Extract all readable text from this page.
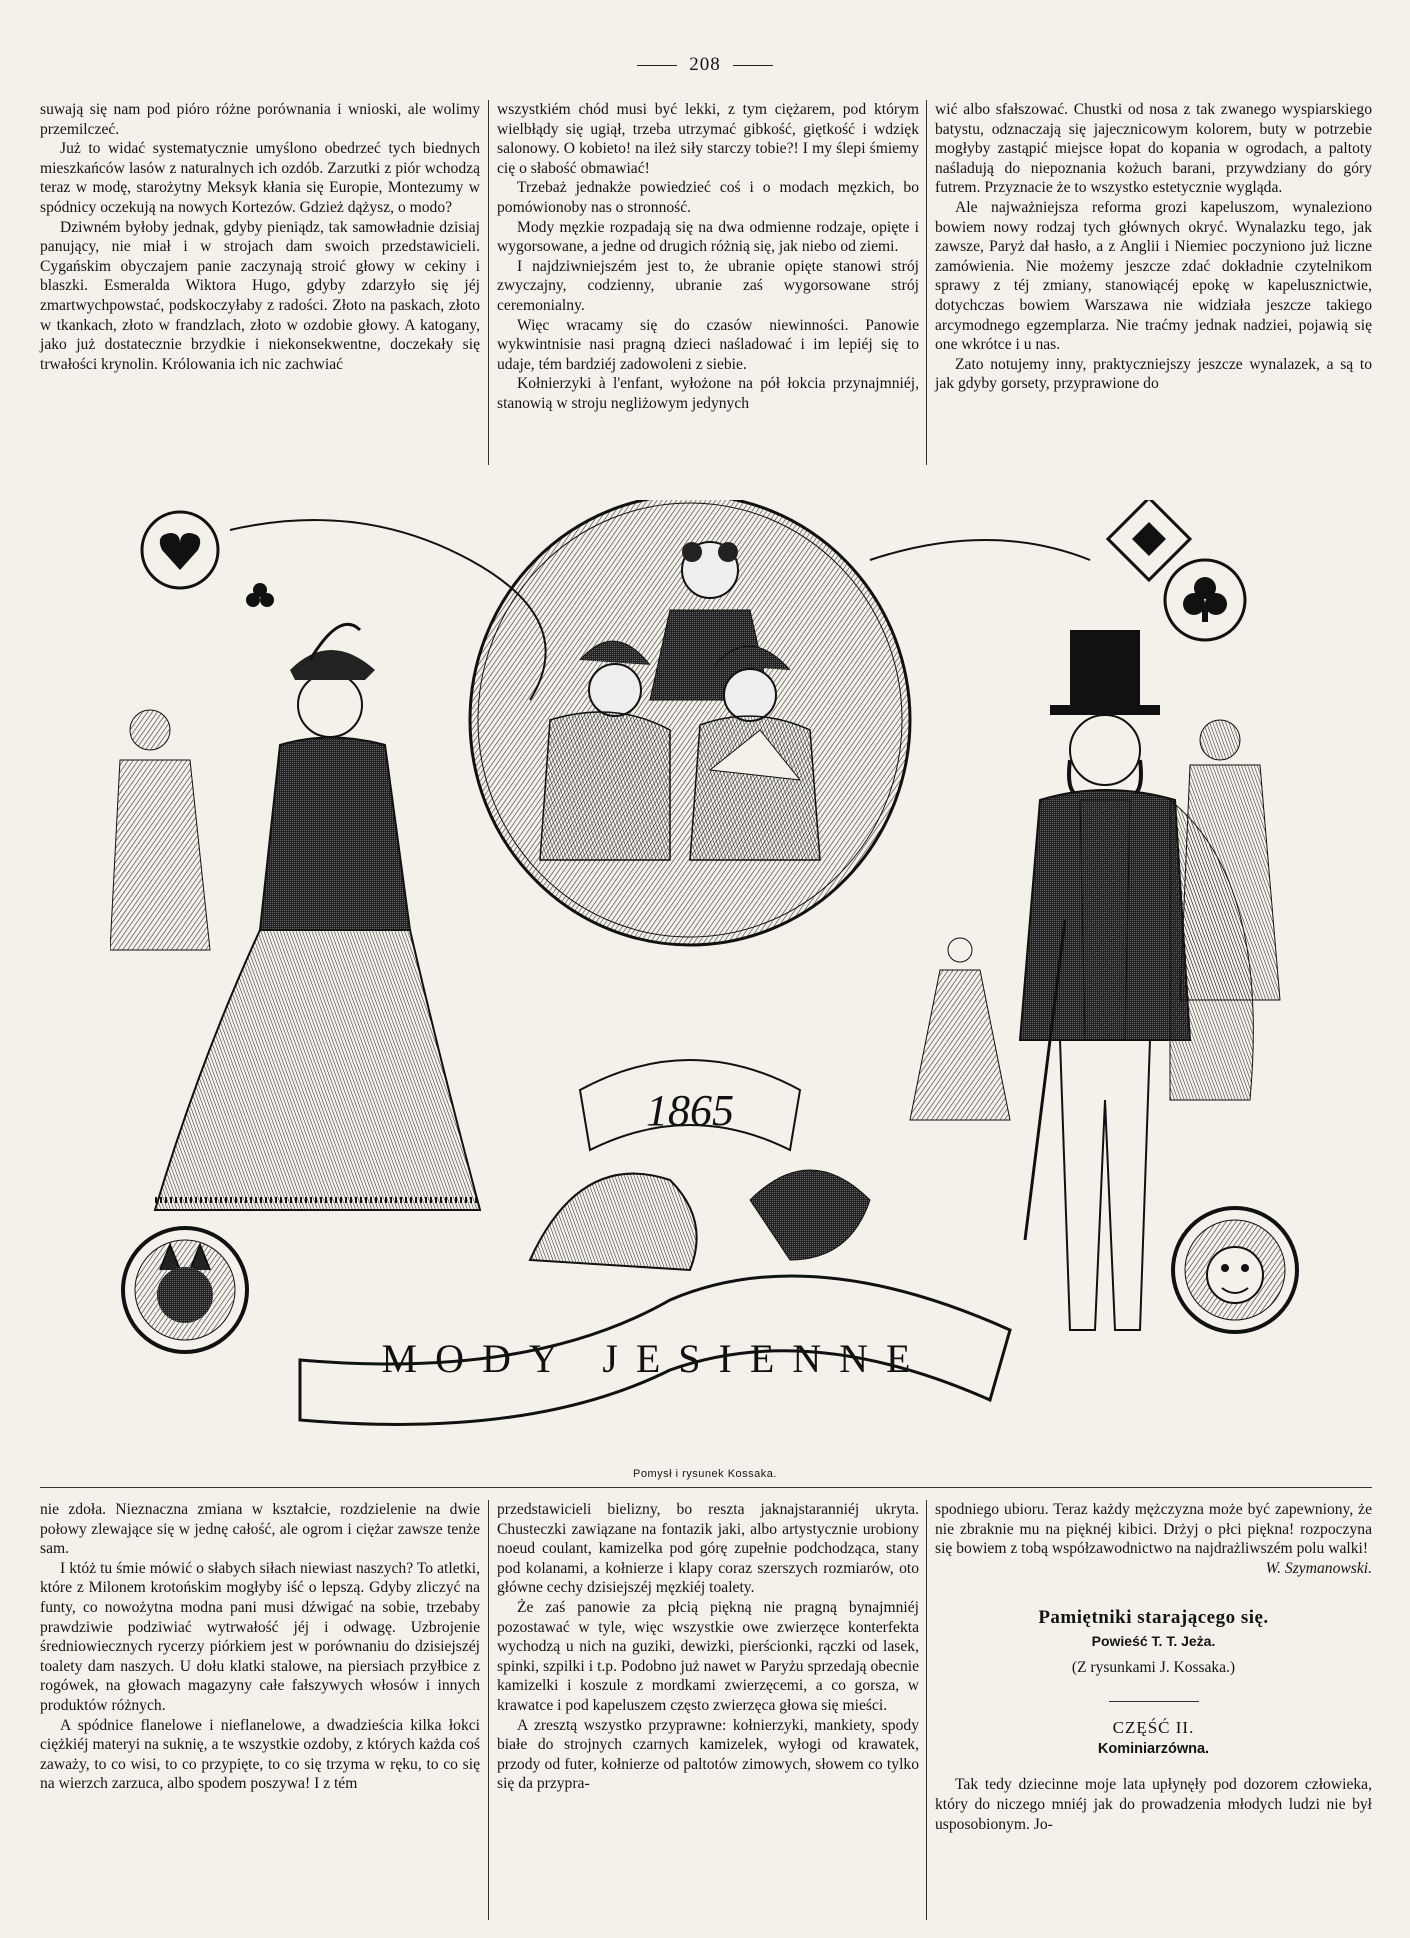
208

suwają się nam pod pióro różne porównania i wnioski, ale wolimy przemilczeć.

Już to widać systematycznie umyślono obedrzeć tych biednych mieszkańców lasów z naturalnych ich ozdób. Zarzutki z piór wchodzą teraz w modę, starożytny Meksyk kłania się Europie, Montezumy w spódnicy oczekują na nowych Kortezów. Gdzież dążysz, o modo?

Dziwném byłoby jednak, gdyby pieniądz, tak samowładnie dzisiaj panujący, nie miał i w strojach dam swoich przedstawicieli. Cygańskim obyczajem panie zaczynają stroić głowy w cekiny i blaszki. Esmeralda Wiktora Hugo, gdyby zdarzyło się jéj zmartwychpowstać, podskoczyłaby z radości. Złoto na paskach, złoto w tkankach, złoto w frandzlach, złoto w ozdobie głowy. A katogany, jako już dostatecznie brzydkie i niekonsekwentne, doczekały się trwałości krynolin. Królowania ich nic zachwiać

wszystkiém chód musi być lekki, z tym ciężarem, pod którym wielbłądy się ugiął, trzeba utrzymać gibkość, giętkość i wdzięk salonowy. O kobieto! na ileż siły starczy tobie?! I my ślepi śmiemy cię o słabość obmawiać!

Trzebaż jednakże powiedzieć coś i o modach męzkich, bo pomówionoby nas o stronność.

Mody męzkie rozpadają się na dwa odmienne rodzaje, opięte i wygorsowane, a jedne od drugich różnią się, jak niebo od ziemi.

I najdziwniejszém jest to, że ubranie opięte stanowi strój zwyczajny, codzienny, ubranie zaś wygorsowane strój ceremonialny.

Więc wracamy się do czasów niewinności. Panowie wykwintnisie nasi pragną dzieci naśladować i im lepiéj się to udaje, tém bardziéj zadowoleni z siebie.

Kołnierzyki à l'enfant, wyłożone na pół łokcia przynajmniéj, stanowią w stroju negliżowym jedynych

wić albo sfałszować. Chustki od nosa z tak zwanego wyspiarskiego batystu, odznaczają się jajecznicowym kolorem, buty w potrzebie mogłyby zastąpić miejsce łopat do kopania w ogrodach, a paltoty naśladują do niepoznania kożuch barani, przywdziany do góry futrem. Przyznacie że to wszystko estetycznie wygląda.

Ale najważniejsza reforma grozi kapeluszom, wynaleziono bowiem nowy rodzaj tych głównych okryć. Wynalazku tego, jak zawsze, Paryż dał hasło, a z Anglii i Niemiec poczyniono już liczne zamówienia. Nie możemy jeszcze zdać dokładnie czytelnikom sprawy z téj zmiany, stanowiącéj epokę w kapelusznictwie, dotychczas bowiem Warszawa nie widziała jeszcze takiego arcymodnego egzemplarza. Nie traćmy jednak nadziei, pojawią się one wkrótce i u nas.

Zato notujemy inny, praktyczniejszy jeszcze wynalazek, a są to jak gdyby gorsety, przyprawione do

1865
MODY JESIENNE
Pomysł i rysunek Kossaka.

nie zdoła. Nieznaczna zmiana w kształcie, rozdzielenie na dwie połowy zlewające się w jednę całość, ale ogrom i ciężar zawsze tenże sam.

I któż tu śmie mówić o słabych siłach niewiast naszych? To atletki, które z Milonem krotońskim mogłyby iść o lepszą. Gdyby zliczyć na funty, co nowożytna modna pani musi dźwigać na sobie, trzebaby prawdziwie podziwiać wytrwałość jéj i odwagę. Uzbrojenie średniowiecznych rycerzy piórkiem jest w porównaniu do dzisiejszéj toalety dam naszych. U dołu klatki stalowe, na piersiach przyłbice z rogówek, na głowach magazyny całe fałszywych włosów i innych produktów różnych.

A spódnice flanelowe i nieflanelowe, a dwadzieścia kilka łokci ciężkiéj materyi na suknię, a te wszystkie ozdoby, z których każda coś zaważy, to co wisi, to co przypięte, to co się trzyma w ręku, to co się na wierzch zarzuca, albo spodem poszywa! I z tém

przedstawicieli bielizny, bo reszta jaknajstaranniéj ukryta. Chusteczki zawiązane na fontazik jaki, albo artystycznie urobiony noeud coulant, kamizelka pod górę zupełnie podchodząca, stany pod kolanami, a kołnierze i klapy coraz szerszych rozmiarów, oto główne cechy dzisiejszéj męzkiéj toalety.

Że zaś panowie za płcią piękną nie pragną bynajmniéj pozostawać w tyle, więc wszystkie owe zwierzęce konterfekta wychodzą u nich na guziki, dewizki, pierścionki, rączki od lasek, spinki, szpilki i t.p. Podobno już nawet w Paryżu sprzedają obecnie kamizelki i koszule z mordkami zwierzęcemi, a co gorsza, w krawatce i pod kapeluszem często zwierzęca głowa się mieści.

A zresztą wszystko przyprawne: kołnierzyki, mankiety, spody białe do strojnych czarnych kamizelek, wyłogi od krawatek, przody od futer, kołnierze od paltotów zimowych, słowem co tylko się da przypra-

spodniego ubioru. Teraz każdy mężczyzna może być zapewniony, że nie zbraknie mu na pięknéj kibici. Drżyj o płci piękna! rozpoczyna się bowiem z tobą współzawodnictwo na najdrażliwszém polu walki!

W. Szymanowski.

Pamiętniki starającego się.
Powieść T. T. Jeża.
(Z rysunkami J. Kossaka.)
CZĘŚĆ II.
Kominiarzówna.

Tak tedy dziecinne moje lata upłynęły pod dozorem człowieka, który do niczego mniéj jak do prowadzenia młodych ludzi nie był usposobionym. Jo-
